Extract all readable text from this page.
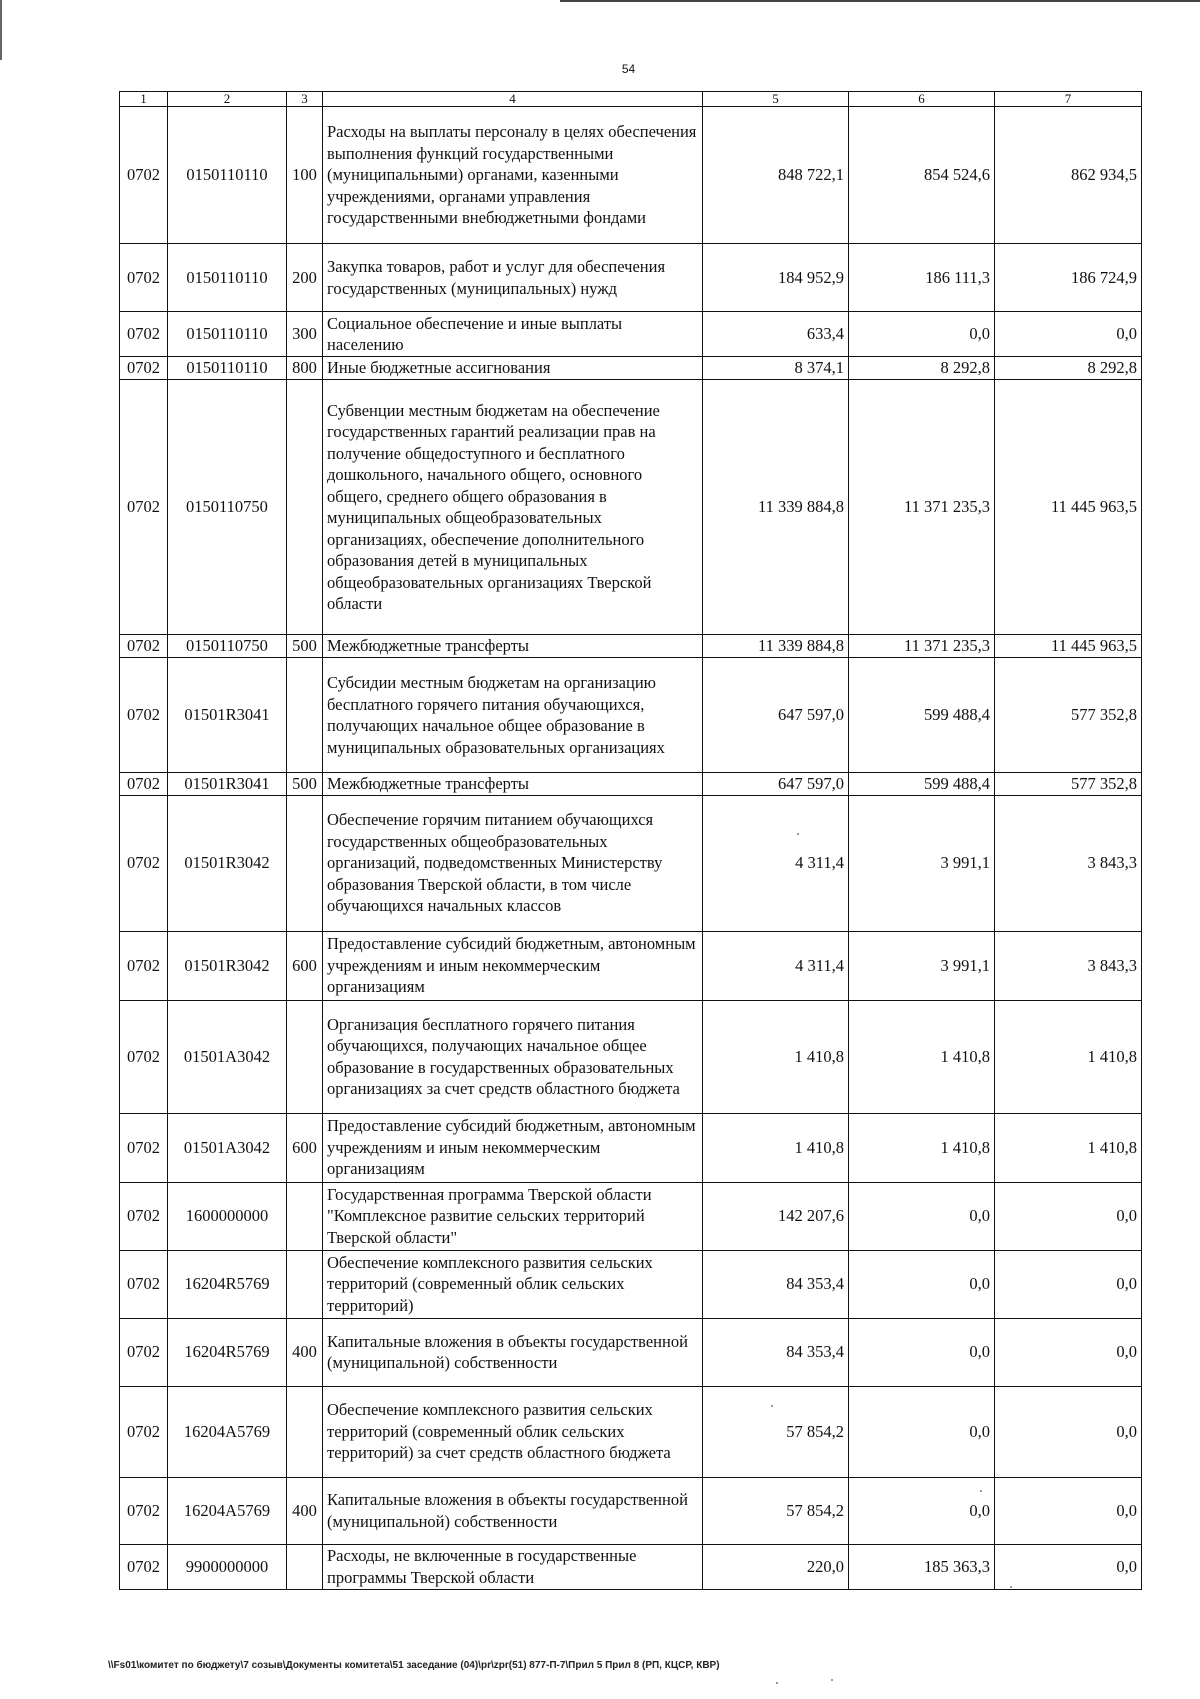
54
1	2	3	4	5	6	7
0702	0150110110	100	Расходы на выплаты персоналу в целях обеспечения выполнения функций государственными (муниципальными) органами, казенными учреждениями, органами управления государственными внебюджетными фондами	848 722,1	854 524,6	862 934,5
0702	0150110110	200	Закупка товаров, работ и услуг для обеспечения государственных (муниципальных) нужд	184 952,9	186 111,3	186 724,9
0702	0150110110	300	Социальное обеспечение и иные выплаты населению	633,4	0,0	0,0
0702	0150110110	800	Иные бюджетные ассигнования	8 374,1	8 292,8	8 292,8
0702	0150110750		Субвенции местным бюджетам на обеспечение государственных гарантий реализации прав на получение общедоступного и бесплатного дошкольного, начального общего, основного общего, среднего общего образования в муниципальных общеобразовательных организациях, обеспечение дополнительного образования детей в муниципальных общеобразовательных организациях Тверской области	11 339 884,8	11 371 235,3	11 445 963,5
0702	0150110750	500	Межбюджетные трансферты	11 339 884,8	11 371 235,3	11 445 963,5
0702	01501R3041		Субсидии местным бюджетам на организацию бесплатного горячего питания обучающихся, получающих начальное общее образование в муниципальных образовательных организациях	647 597,0	599 488,4	577 352,8
0702	01501R3041	500	Межбюджетные трансферты	647 597,0	599 488,4	577 352,8
0702	01501R3042		Обеспечение горячим питанием обучающихся государственных общеобразовательных организаций, подведомственных Министерству образования Тверской области, в том числе обучающихся начальных классов	4 311,4	3 991,1	3 843,3
0702	01501R3042	600	Предоставление субсидий бюджетным, автономным учреждениям и иным некоммерческим организациям	4 311,4	3 991,1	3 843,3
0702	01501A3042		Организация бесплатного горячего питания обучающихся, получающих начальное общее образование в государственных образовательных организациях за счет средств областного бюджета	1 410,8	1 410,8	1 410,8
0702	01501A3042	600	Предоставление субсидий бюджетным, автономным учреждениям и иным некоммерческим организациям	1 410,8	1 410,8	1 410,8
0702	1600000000		Государственная программа Тверской области "Комплексное развитие сельских территорий Тверской области"	142 207,6	0,0	0,0
0702	16204R5769		Обеспечение комплексного развития сельских территорий (современный облик сельских территорий)	84 353,4	0,0	0,0
0702	16204R5769	400	Капитальные вложения в объекты государственной (муниципальной) собственности	84 353,4	0,0	0,0
0702	16204A5769		Обеспечение комплексного развития сельских территорий (современный облик сельских территорий) за счет средств областного бюджета	57 854,2	0,0	0,0
0702	16204A5769	400	Капитальные вложения в объекты государственной (муниципальной) собственности	57 854,2	0,0	0,0
0702	9900000000		Расходы, не включенные в государственные программы Тверской области	220,0	185 363,3	0,0
\\Fs01\комитет по бюджету\7 созыв\Документы комитета\51 заседание (04)\pr\zpr(51) 877-П-7\Прил 5 Прил 8 (РП, КЦСР, КВР)
